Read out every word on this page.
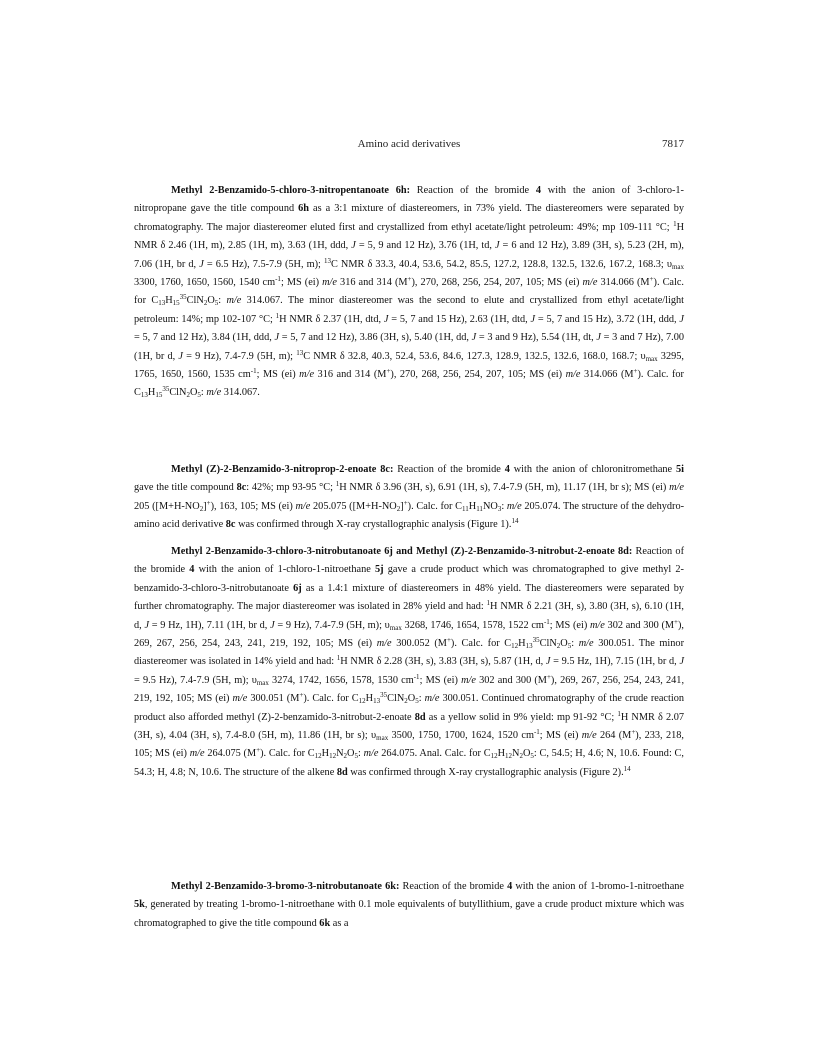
Amino acid derivatives	7817
Methyl 2-Benzamido-5-chloro-3-nitropentanoate 6h: Reaction of the bromide 4 with the anion of 3-chloro-1-nitropropane gave the title compound 6h as a 3:1 mixture of diastereomers, in 73% yield. The diastereomers were separated by chromatography. The major diastereomer eluted first and crystallized from ethyl acetate/light petroleum: 49%; mp 109-111 °C; $^1$H NMR δ 2.46 (1H, m), 2.85 (1H, m), 3.63 (1H, ddd, J = 5, 9 and 12 Hz), 3.76 (1H, td, J = 6 and 12 Hz), 3.89 (3H, s), 5.23 (2H, m), 7.06 (1H, br d, J = 6.5 Hz), 7.5-7.9 (5H, m); $^{13}$C NMR δ 33.3, 40.4, 53.6, 54.2, 85.5, 127.2, 128.8, 132.5, 132.6, 167.2, 168.3; $\upsilon_{max}$ 3300, 1760, 1650, 1560, 1540 $cm^{-1}$; MS (ei) m/e 316 and 314 (M+), 270, 268, 256, 254, 207, 105; MS (ei) m/e 314.066 (M+). Calc. for $C_{13}H_{15}^{35}ClN_2O_5$: m/e 314.067. The minor diastereomer was the second to elute and crystallized from ethyl acetate/light petroleum: 14%; mp 102-107 °C; $^1$H NMR δ 2.37 (1H, dtd, J = 5, 7 and 15 Hz), 2.63 (1H, dtd, J = 5, 7 and 15 Hz), 3.72 (1H, ddd, J = 5, 7 and 12 Hz), 3.84 (1H, ddd, J = 5, 7 and 12 Hz), 3.86 (3H, s), 5.40 (1H, dd, J = 3 and 9 Hz), 5.54 (1H, dt, J = 3 and 7 Hz), 7.00 (1H, br d, J = 9 Hz), 7.4-7.9 (5H, m); $^{13}$C NMR δ 32.8, 40.3, 52.4, 53.6, 84.6, 127.3, 128.9, 132.5, 132.6, 168.0, 168.7; $\upsilon_{max}$ 3295, 1765, 1650, 1560, 1535 $cm^{-1}$; MS (ei) m/e 316 and 314 (M+), 270, 268, 256, 254, 207, 105; MS (ei) m/e 314.066 (M+). Calc. for $C_{13}H_{15}^{35}ClN_2O_5$: m/e 314.067.
Methyl (Z)-2-Benzamido-3-nitroprop-2-enoate 8c: Reaction of the bromide 4 with the anion of chloronitromethane 5i gave the title compound 8c: 42%; mp 93-95 °C; $^1$H NMR δ 3.96 (3H, s), 6.91 (1H, s), 7.4-7.9 (5H, m), 11.17 (1H, br s); MS (ei) m/e 205 $([M+H-NO_2]^+)$, 163, 105; MS (ei) m/e 205.075 $([M+H-NO_2]^+)$. Calc. for $C_{11}H_{11}NO_3$: m/e 205.074. The structure of the dehydro-amino acid derivative 8c was confirmed through X-ray crystallographic analysis (Figure 1).$^{14}$
Methyl 2-Benzamido-3-chloro-3-nitrobutanoate 6j and Methyl (Z)-2-Benzamido-3-nitrobut-2-enoate 8d: Reaction of the bromide 4 with the anion of 1-chloro-1-nitroethane 5j gave a crude product which was chromatographed to give methyl 2-benzamido-3-chloro-3-nitrobutanoate 6j as a 1.4:1 mixture of diastereomers in 48% yield. The diastereomers were separated by further chromatography. The major diastereomer was isolated in 28% yield and had: $^1$H NMR δ 2.21 (3H, s), 3.80 (3H, s), 6.10 (1H, d, J = 9 Hz, 1H), 7.11 (1H, br d, J = 9 Hz), 7.4-7.9 (5H, m); $\upsilon_{max}$ 3268, 1746, 1654, 1578, 1522 $cm^{-1}$; MS (ei) m/e 302 and 300 (M+), 269, 267, 256, 254, 243, 241, 219, 192, 105; MS (ei) m/e 300.052 (M+). Calc. for $C_{12}H_{13}^{35}ClN_2O_5$: m/e 300.051. The minor diastereomer was isolated in 14% yield and had: $^1$H NMR δ 2.28 (3H, s), 3.83 (3H, s), 5.87 (1H, d, J = 9.5 Hz, 1H), 7.15 (1H, br d, J = 9.5 Hz), 7.4-7.9 (5H, m); $\upsilon_{max}$ 3274, 1742, 1656, 1578, 1530 $cm^{-1}$; MS (ei) m/e 302 and 300 (M+), 269, 267, 256, 254, 243, 241, 219, 192, 105; MS (ei) m/e 300.051 (M+). Calc. for $C_{12}H_{13}^{35}ClN_2O_5$: m/e 300.051. Continued chromatography of the crude reaction product also afforded methyl (Z)-2-benzamido-3-nitrobut-2-enoate 8d as a yellow solid in 9% yield: mp 91-92 °C; $^1$H NMR δ 2.07 (3H, s), 4.04 (3H, s), 7.4-8.0 (5H, m), 11.86 (1H, br s); $\upsilon_{max}$ 3500, 1750, 1700, 1624, 1520 $cm^{-1}$; MS (ei) m/e 264 (M+), 233, 218, 105; MS (ei) m/e 264.075 (M+). Calc. for $C_{12}H_{12}N_2O_5$: m/e 264.075. Anal. Calc. for $C_{12}H_{12}N_2O_5$: C, 54.5; H, 4.6; N, 10.6. Found: C, 54.3; H, 4.8; N, 10.6. The structure of the alkene 8d was confirmed through X-ray crystallographic analysis (Figure 2).$^{14}$
Methyl 2-Benzamido-3-bromo-3-nitrobutanoate 6k: Reaction of the bromide 4 with the anion of 1-bromo-1-nitroethane 5k, generated by treating 1-bromo-1-nitroethane with 0.1 mole equivalents of butyllithium, gave a crude product mixture which was chromatographed to give the title compound 6k as a
